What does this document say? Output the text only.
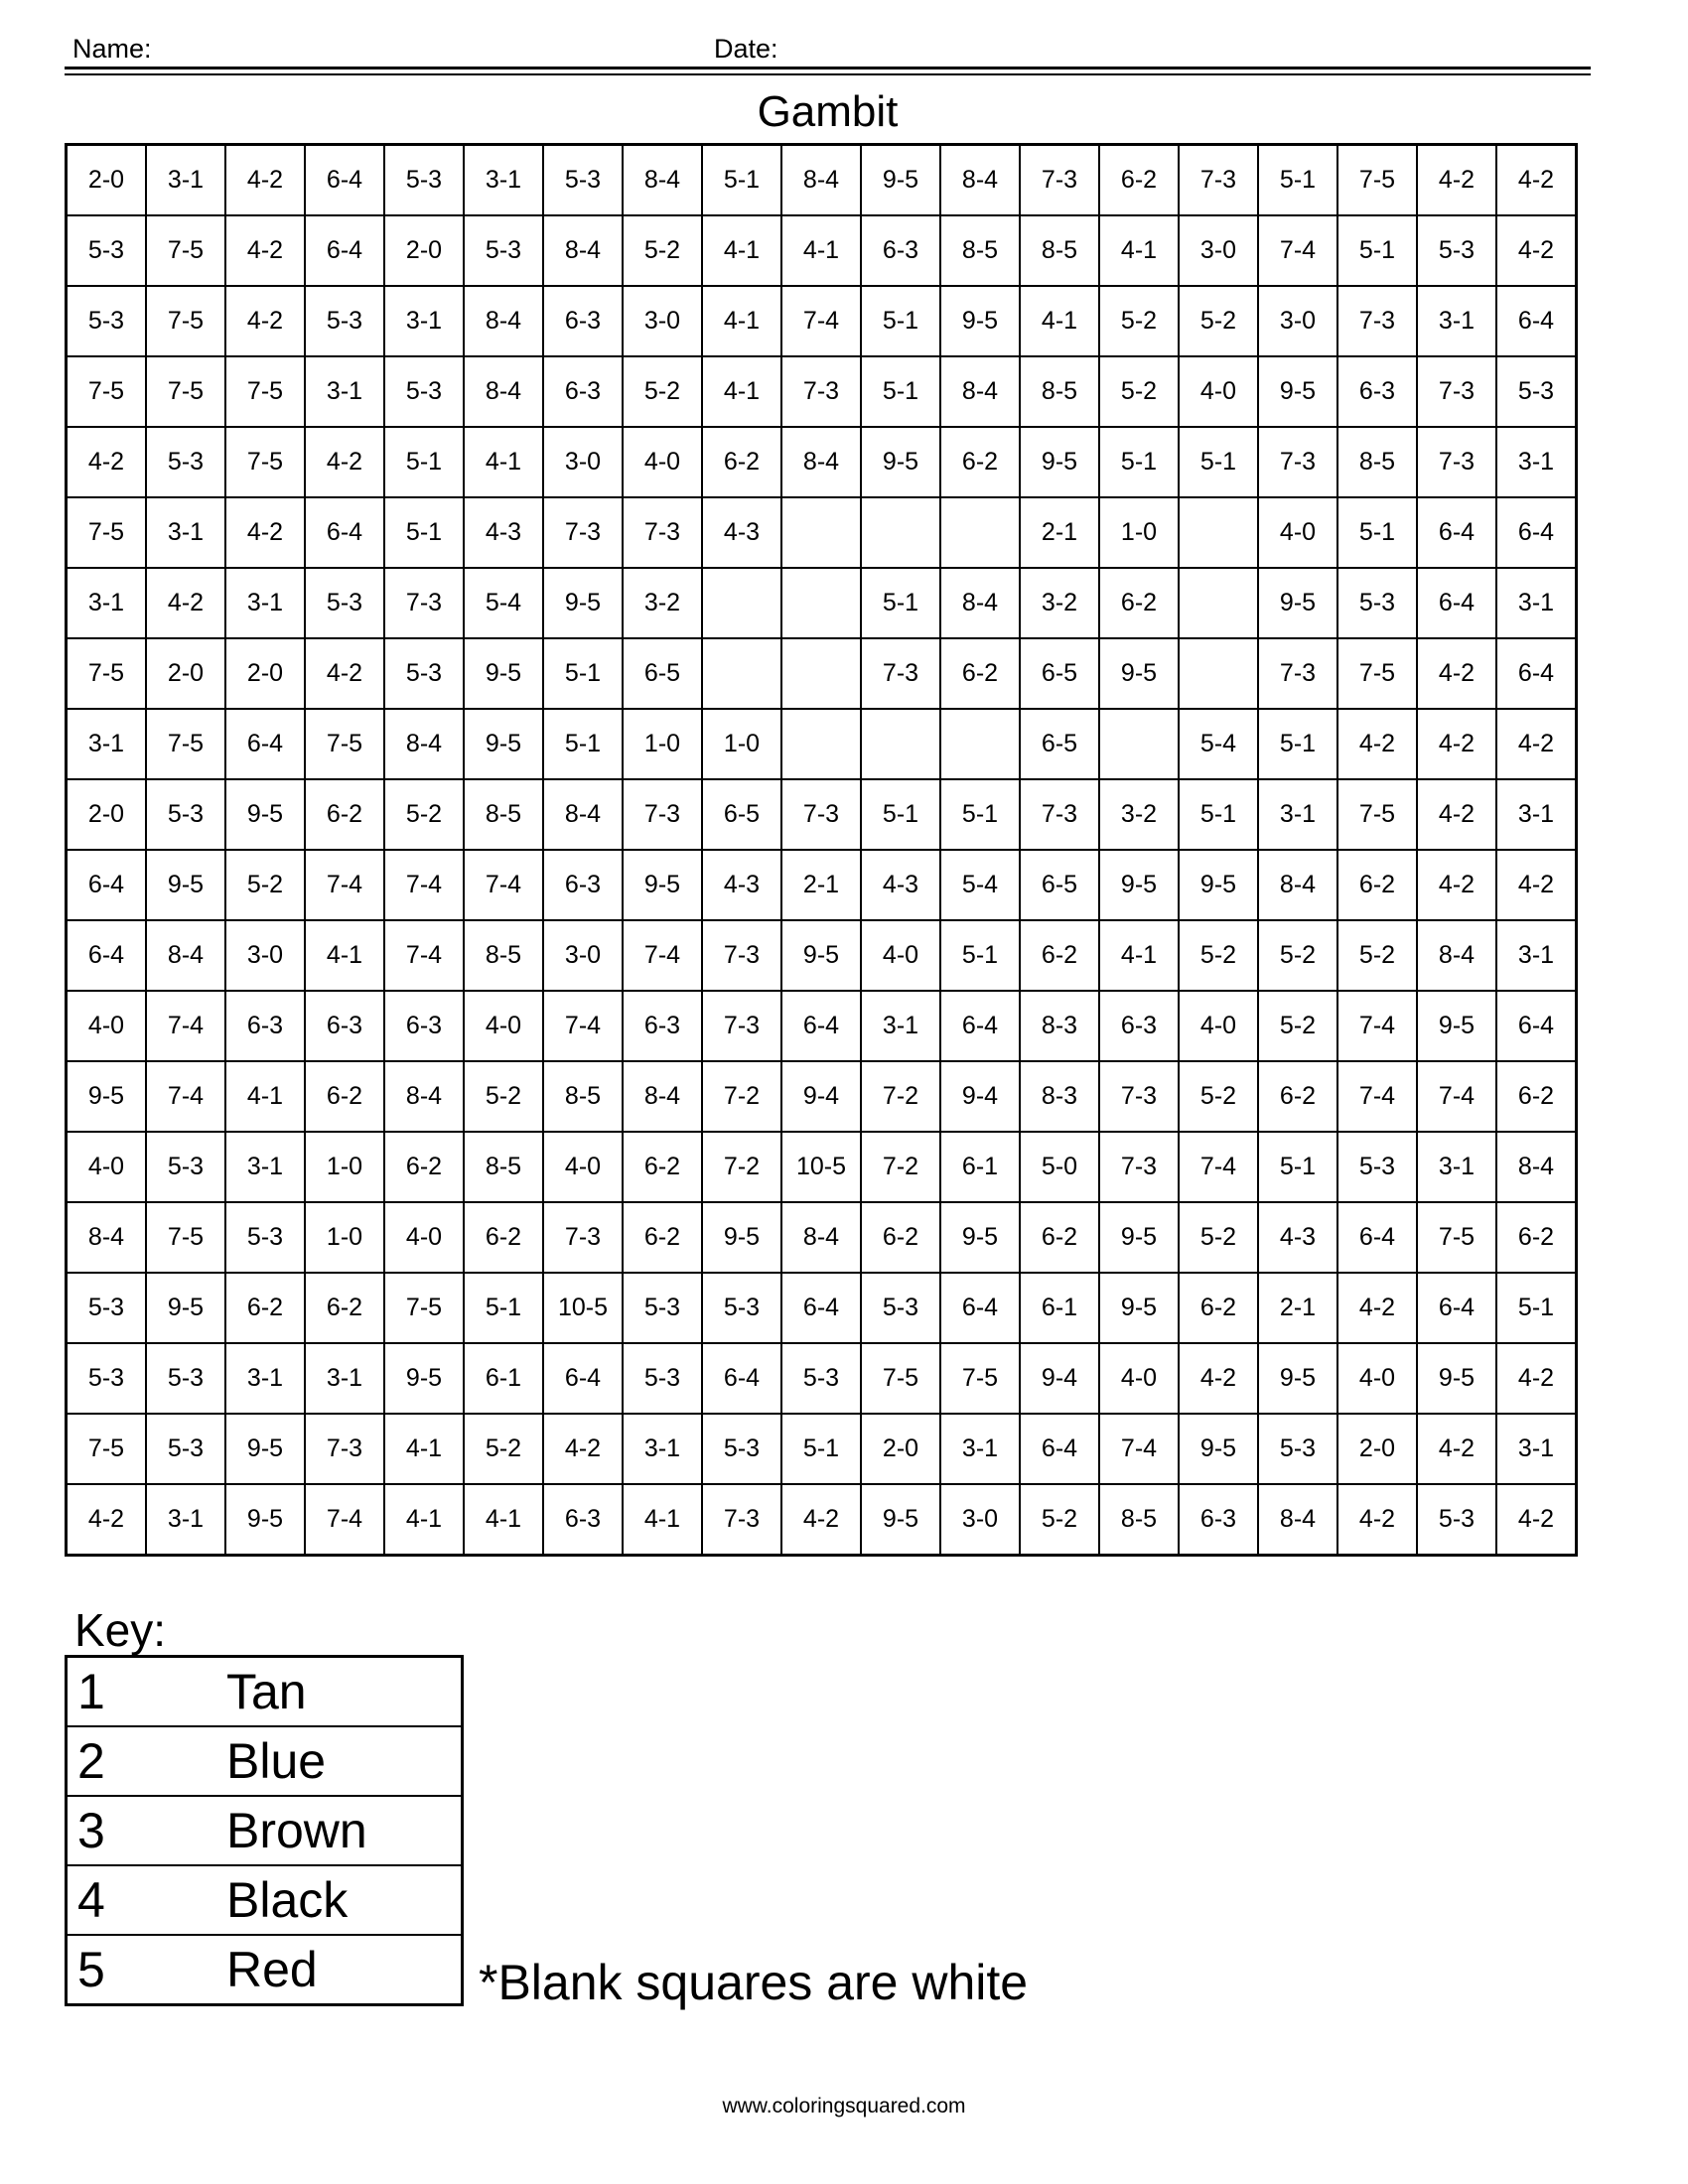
Name:	Date:
Gambit
2-0	3-1	4-2	6-4	5-3	3-1	5-3	8-4	5-1	8-4	9-5	8-4	7-3	6-2	7-3	5-1	7-5	4-2	4-2
5-3	7-5	4-2	6-4	2-0	5-3	8-4	5-2	4-1	4-1	6-3	8-5	8-5	4-1	3-0	7-4	5-1	5-3	4-2
5-3	7-5	4-2	5-3	3-1	8-4	6-3	3-0	4-1	7-4	5-1	9-5	4-1	5-2	5-2	3-0	7-3	3-1	6-4
7-5	7-5	7-5	3-1	5-3	8-4	6-3	5-2	4-1	7-3	5-1	8-4	8-5	5-2	4-0	9-5	6-3	7-3	5-3
4-2	5-3	7-5	4-2	5-1	4-1	3-0	4-0	6-2	8-4	9-5	6-2	9-5	5-1	5-1	7-3	8-5	7-3	3-1
7-5	3-1	4-2	6-4	5-1	4-3	7-3	7-3	4-3				2-1	1-0		4-0	5-1	6-4	6-4
3-1	4-2	3-1	5-3	7-3	5-4	9-5	3-2			5-1	8-4	3-2	6-2		9-5	5-3	6-4	3-1
7-5	2-0	2-0	4-2	5-3	9-5	5-1	6-5			7-3	6-2	6-5	9-5		7-3	7-5	4-2	6-4
3-1	7-5	6-4	7-5	8-4	9-5	5-1	1-0	1-0				6-5		5-4	5-1	4-2	4-2	4-2
2-0	5-3	9-5	6-2	5-2	8-5	8-4	7-3	6-5	7-3	5-1	5-1	7-3	3-2	5-1	3-1	7-5	4-2	3-1
6-4	9-5	5-2	7-4	7-4	7-4	6-3	9-5	4-3	2-1	4-3	5-4	6-5	9-5	9-5	8-4	6-2	4-2	4-2
6-4	8-4	3-0	4-1	7-4	8-5	3-0	7-4	7-3	9-5	4-0	5-1	6-2	4-1	5-2	5-2	5-2	8-4	3-1
4-0	7-4	6-3	6-3	6-3	4-0	7-4	6-3	7-3	6-4	3-1	6-4	8-3	6-3	4-0	5-2	7-4	9-5	6-4
9-5	7-4	4-1	6-2	8-4	5-2	8-5	8-4	7-2	9-4	7-2	9-4	8-3	7-3	5-2	6-2	7-4	7-4	6-2
4-0	5-3	3-1	1-0	6-2	8-5	4-0	6-2	7-2	10-5	7-2	6-1	5-0	7-3	7-4	5-1	5-3	3-1	8-4
8-4	7-5	5-3	1-0	4-0	6-2	7-3	6-2	9-5	8-4	6-2	9-5	6-2	9-5	5-2	4-3	6-4	7-5	6-2
5-3	9-5	6-2	6-2	7-5	5-1	10-5	5-3	5-3	6-4	5-3	6-4	6-1	9-5	6-2	2-1	4-2	6-4	5-1
5-3	5-3	3-1	3-1	9-5	6-1	6-4	5-3	6-4	5-3	7-5	7-5	9-4	4-0	4-2	9-5	4-0	9-5	4-2
7-5	5-3	9-5	7-3	4-1	5-2	4-2	3-1	5-3	5-1	2-0	3-1	6-4	7-4	9-5	5-3	2-0	4-2	3-1
4-2	3-1	9-5	7-4	4-1	4-1	6-3	4-1	7-3	4-2	9-5	3-0	5-2	8-5	6-3	8-4	4-2	5-3	4-2
Key:
1	Tan
2	Blue
3	Brown
4	Black
5	Red	*Blank squares are white
www.coloringsquared.com
